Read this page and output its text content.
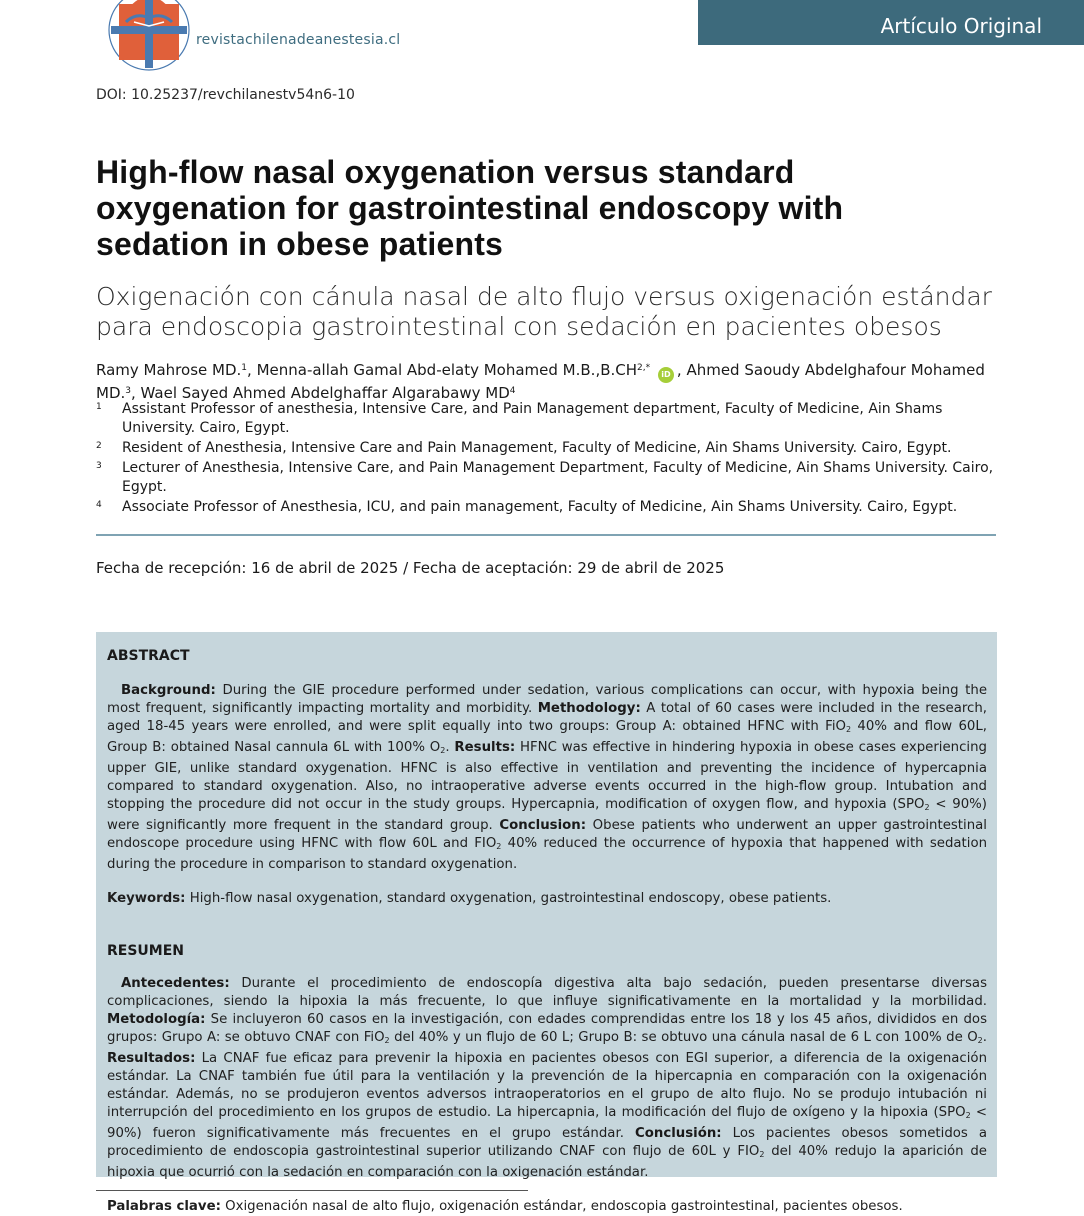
revistachilenadeanestesia.cl
Artículo Original
DOI: 10.25237/revchilanestv54n6-10
High-flow nasal oxygenation versus standard oxygenation for gastrointestinal endoscopy with sedation in obese patients
Oxigenación con cánula nasal de alto flujo versus oxigenación estándar para endoscopia gastrointestinal con sedación en pacientes obesos
Ramy Mahrose MD.$^1$, Menna-allah Gamal Abd-elaty Mohamed $M.B.,B.CH^{2,*}$ iD , Ahmed Saoudy Abdelghafour Mohamed MD.$^3$, Wael Sayed Ahmed Abdelghaffar Algarabawy $MD^4$
1 Assistant Professor of anesthesia, Intensive Care, and Pain Management department, Faculty of Medicine, Ain Shams University. Cairo, Egypt.
2 Resident of Anesthesia, Intensive Care and Pain Management, Faculty of Medicine, Ain Shams University. Cairo, Egypt.
3 Lecturer of Anesthesia, Intensive Care, and Pain Management Department, Faculty of Medicine, Ain Shams University. Cairo, Egypt.
4 Associate Professor of Anesthesia, ICU, and pain management, Faculty of Medicine, Ain Shams University. Cairo, Egypt.
Fecha de recepción: 16 de abril de 2025 / Fecha de aceptación: 29 de abril de 2025
ABSTRACT

Background: During the GIE procedure performed under sedation, various complications can occur, with hypoxia being the most frequent, significantly impacting mortality and morbidity. Methodology: A total of 60 cases were included in the research, aged 18-45 years were enrolled, and were split equally into two groups: Group A: obtained HFNC with FiO$_2$ 40% and flow 60L, Group B: obtained Nasal cannula 6L with 100% $O_2$. Results: HFNC was effective in hindering hypoxia in obese cases experiencing upper GIE, unlike standard oxygenation. HFNC is also effective in ventilation and preventing the incidence of hypercapnia compared to standard oxygenation. Also, no intraoperative adverse events occurred in the high-flow group. Intubation and stopping the procedure did not occur in the study groups. Hypercapnia, modification of oxygen flow, and hypoxia $(SPO_2 < 90\%)$ were significantly more frequent in the standard group. Conclusion: Obese patients who underwent an upper gastrointestinal endoscope procedure using HFNC with flow 60L and $FIO_2$ 40% reduced the occurrence of hypoxia that happened with sedation during the procedure in comparison to standard oxygenation.

Keywords: High-flow nasal oxygenation, standard oxygenation, gastrointestinal endoscopy, obese patients.

RESUMEN

Antecedentes: Durante el procedimiento de endoscopía digestiva alta bajo sedación, pueden presentarse diversas complicaciones, siendo la hipoxia la más frecuente, lo que influye significativamente en la mortalidad y la morbilidad. Metodología: Se incluyeron 60 casos en la investigación, con edades comprendidas entre los 18 y los 45 años, divididos en dos grupos: Grupo A: se obtuvo CNAF con FiO$_2$ del 40% y un flujo de 60 L; Grupo B: se obtuvo una cánula nasal de 6 L con 100% de $O_2$. Resultados: La CNAF fue eficaz para prevenir la hipoxia en pacientes obesos con EGI superior, a diferencia de la oxigenación estándar. La CNAF también fue útil para la ventilación y la prevención de la hipercapnia en comparación con la oxigenación estándar. Además, no se produjeron eventos adversos intraoperatorios en el grupo de alto flujo. No se produjo intubación ni interrupción del procedimiento en los grupos de estudio. La hipercapnia, la modificación del flujo de oxígeno y la hipoxia $(SPO_2 < 90\%)$ fueron significativamente más frecuentes en el grupo estándar. Conclusión: Los pacientes obesos sometidos a procedimiento de endoscopia gastrointestinal superior utilizando CNAF con flujo de 60L y $FIO_2$ del 40% redujo la aparición de hipoxia que ocurrió con la sedación en comparación con la oxigenación estándar.

Palabras clave: Oxigenación nasal de alto flujo, oxigenación estándar, endoscopia gastrointestinal, pacientes obesos.
